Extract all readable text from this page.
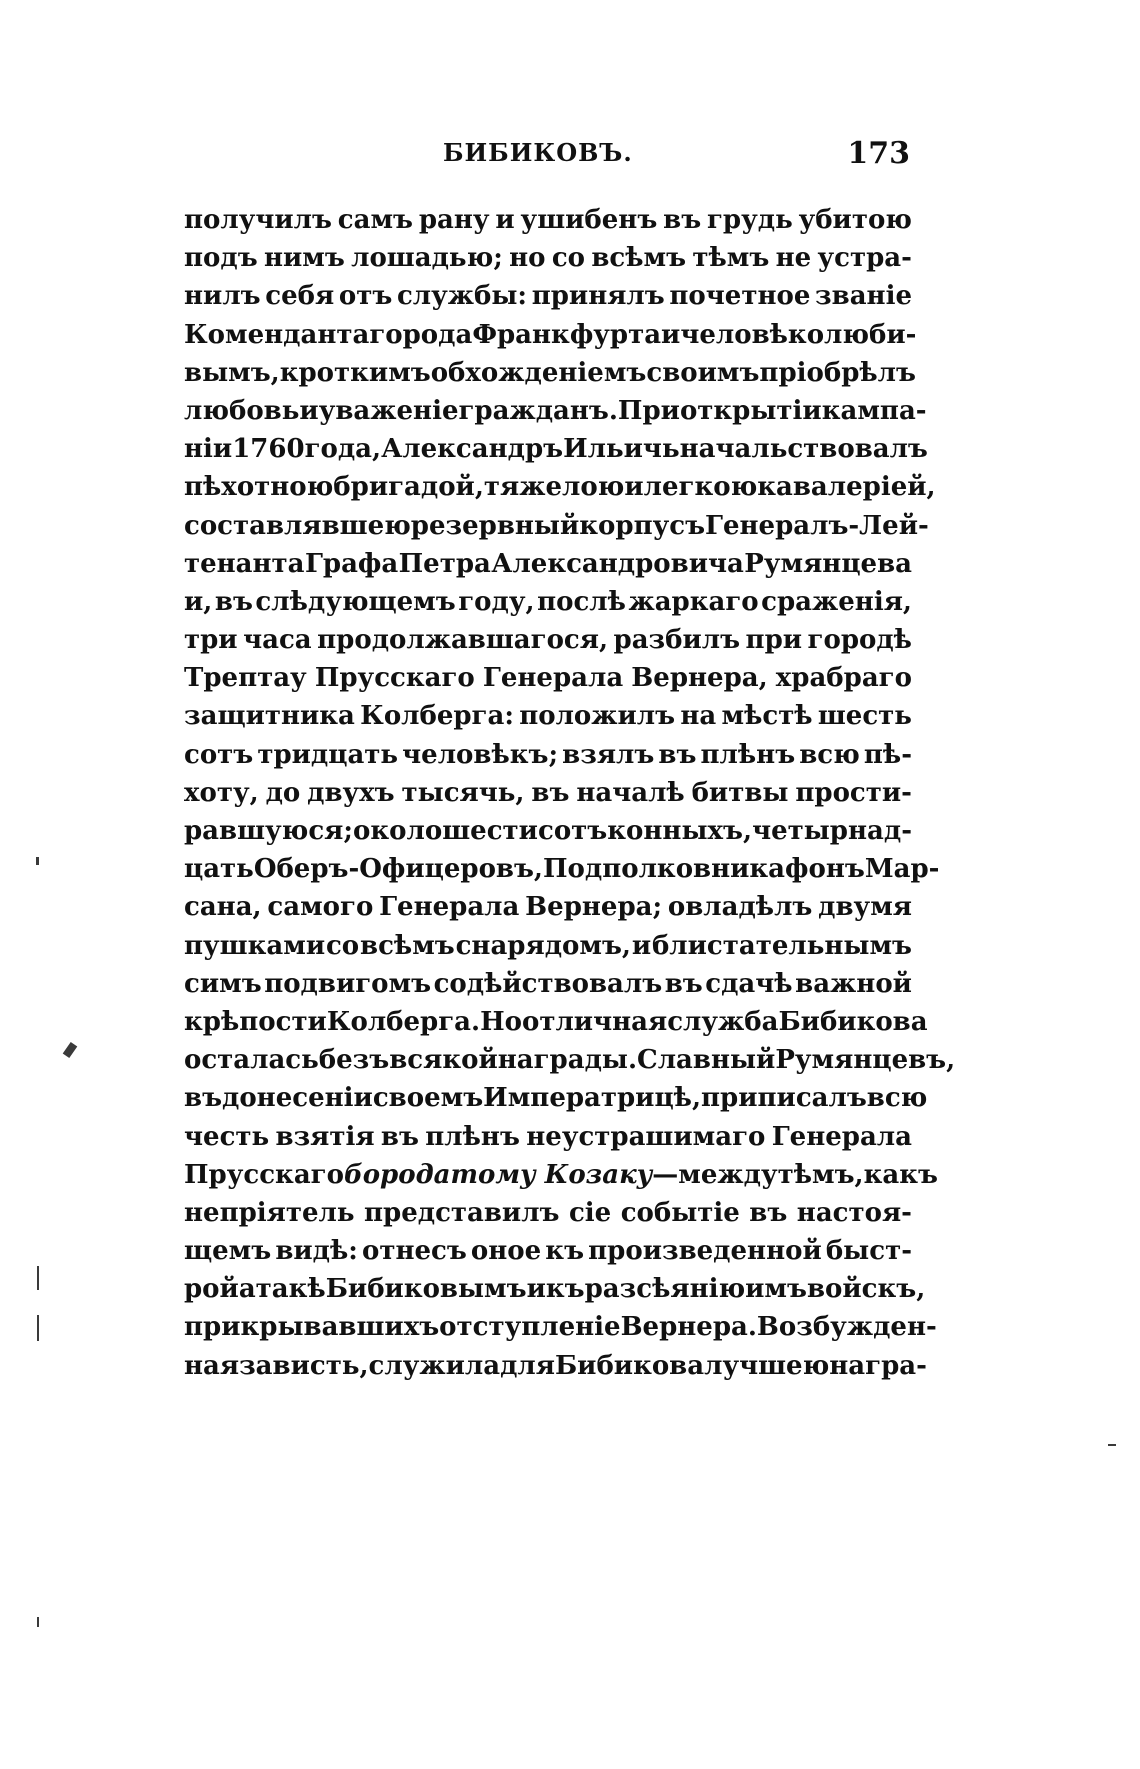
БИБИКОВЪ.	173
получилъ самъ рану и ушибенъ въ грудь убитою
подъ нимъ лошадью; но со всѣмъ тѣмъ не устра-
нилъ себя отъ службы: принялъ почетное званіе
Коменданта города Франкфурта и человѣколюби-
вымъ, кроткимъ обхожденіемъ своимъ пріобрѣлъ
любовь и уваженіе гражданъ. При открытіи кампа-
ніи 1760 года, Александръ Ильичь начальствовалъ
пѣхотною бригадой, тяжелою и легкою кавалеріей,
составлявшею резервный корпусъ Генералъ-Лей-
тенанта Графа Петра Александровича Румянцева
и, въ слѣдующемъ году, послѣ жаркаго сраженія,
три часа продолжавшагося, разбилъ при городѣ
Трептау Прусскаго Генерала Вернера, храбраго
защитника Колберга: положилъ на мѣстѣ шесть
сотъ тридцать человѣкъ; взялъ въ плѣнъ всю пѣ-
хоту, до двухъ тысячь, въ началѣ битвы прости-
равшуюся; около шести сотъ конныхъ, четырнад-
цать Оберъ-Офицеровъ, Подполковника фонъ Мар-
сана, самого Генерала Вернера; овладѣлъ двумя
пушками со всѣмъ снарядомъ, и блистательнымъ
симъ подвигомъ содѣйствовалъ въ сдачѣ важной
крѣпости Колберга. Но отличная служба Бибикова
осталась безъ всякой награды. Славный Румянцевъ,
въ донесеніи своемъ Императрицѣ, приписалъ всю
честь взятія въ плѣнъ неустрашимаго Генерала
Прусскаго бородатому Козаку — между тѣмъ, какъ
непріятель представилъ сіе событіе въ настоя-
щемъ видѣ: отнесъ оное къ произведенной быст-
рой атакѣ Бибиковымъ и къ разсѣянію имъ войскъ,
прикрывавшихъ отступленіе Вернера. Возбужден-
ная зависть, служила для Бибикова лучшею награ-
